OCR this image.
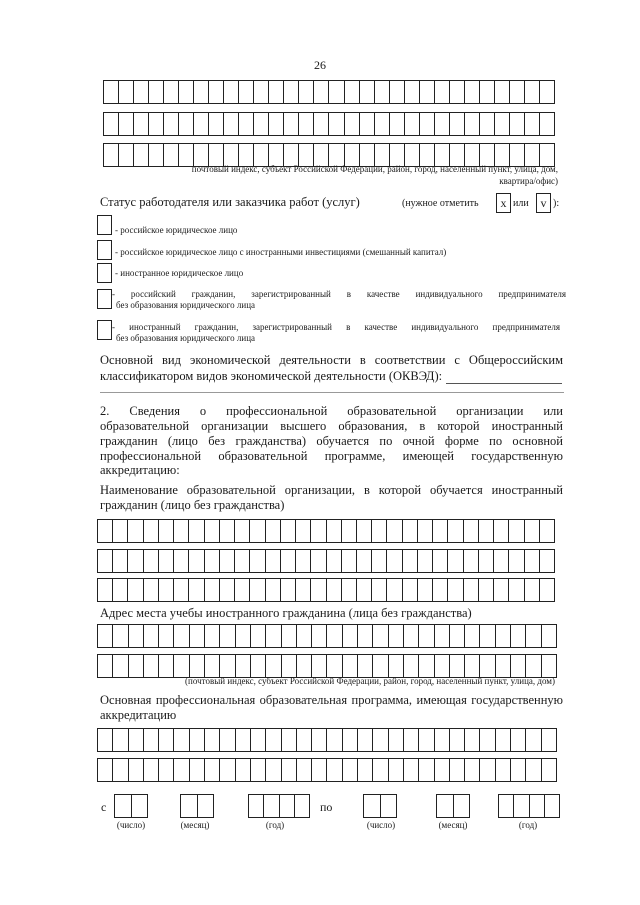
26
почтовый индекс, субъект Российской Федерации, район, город, населенный пункт, улица, дом,
квартира/офис)
Статус работодателя или заказчика работ (услуг)	(нужное отметить x или v ):
- российское юридическое лицо
- российское юридическое лицо с иностранными инвестициями (смешанный капитал)
- иностранное юридическое лицо
- российский гражданин, зарегистрированный в качестве индивидуального предпринимателя
без образования юридического лица
- иностранный гражданин, зарегистрированный в качестве индивидуального предпринимателя
без образования юридического лица
Основной вид экономической деятельности в соответствии с Общероссийским
классификатором видов экономической деятельности (ОКВЭД):
2. Сведения о профессиональной образовательной организации или
образовательной организации высшего образования, в которой иностранный
гражданин (лицо без гражданства) обучается по очной форме по основной
профессиональной образовательной программе, имеющей государственную
аккредитацию:
Наименование образовательной организации, в которой обучается иностранный
гражданин (лицо без гражданства)
Адрес места учебы иностранного гражданина (лица без гражданства)
(почтовый индекс, субъект Российской Федерации, район, город, населенный пункт, улица, дом)
Основная профессиональная образовательная программа, имеющая государственную
аккредитацию
с	по
(число)	(месяц)	(год)	(число)	(месяц)	(год)
